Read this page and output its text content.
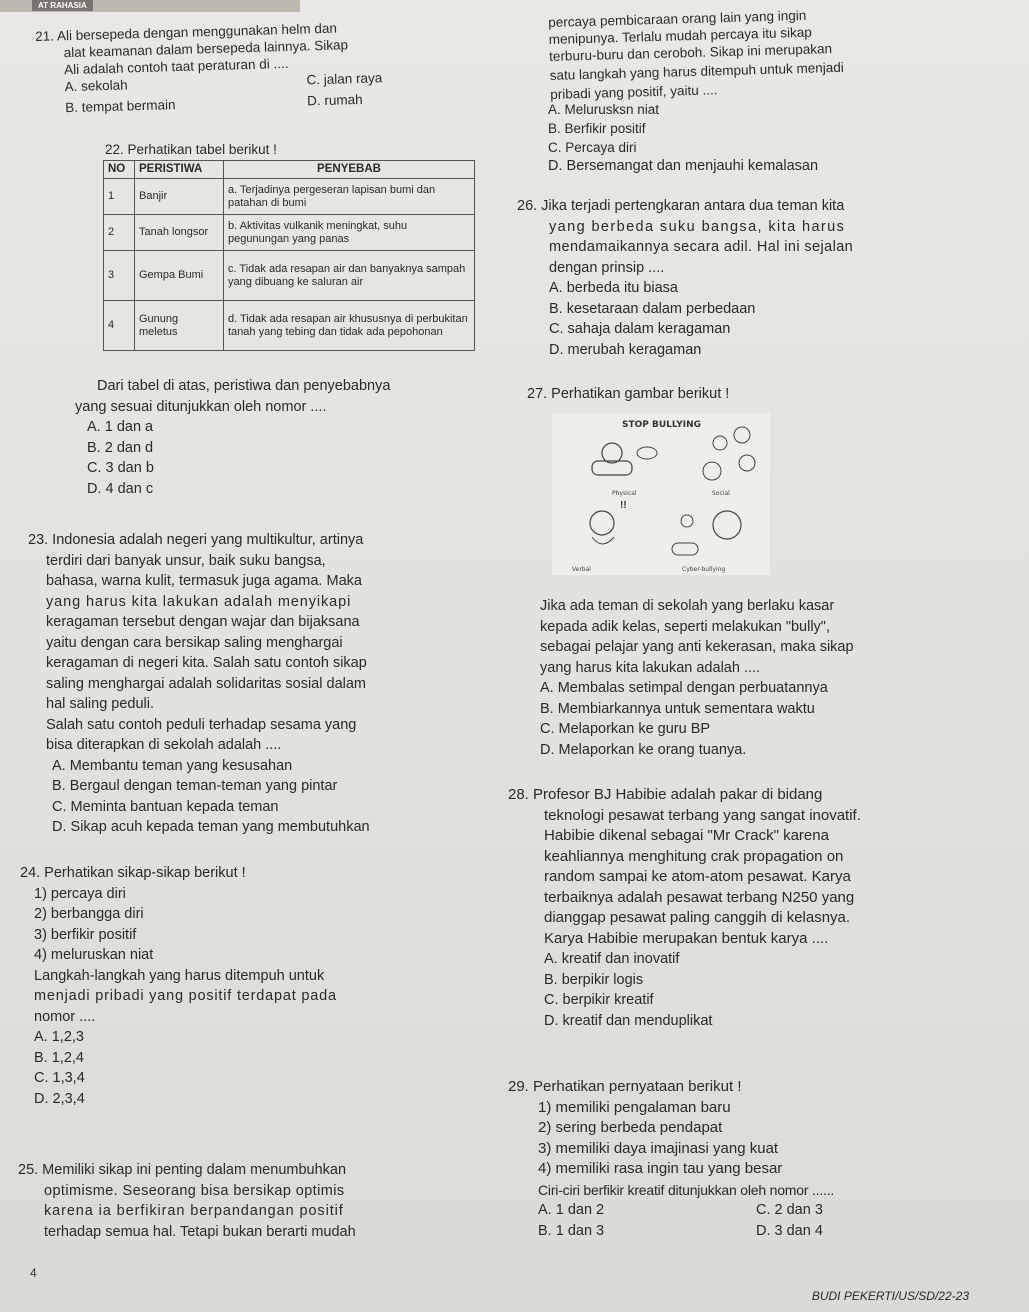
AT RAHASIA
21. Ali bersepeda dengan menggunakan helm dan
alat keamanan dalam bersepeda lainnya. Sikap
Ali adalah contoh taat peraturan di ....
A. sekolah	C. jalan raya
B. tempat bermain	D. rumah
22. Perhatikan tabel berikut !
NO	PERISTIWA	PENYEBAB
1	Banjir	a. Terjadinya pergeseran lapisan bumi dan patahan di bumi
2	Tanah longsor	b. Aktivitas vulkanik meningkat, suhu pegunungan yang panas
3	Gempa Bumi	c. Tidak ada resapan air dan banyaknya sampah yang dibuang ke saluran air
4	Gunung meletus	d. Tidak ada resapan air khususnya di perbukitan tanah yang tebing dan tidak ada pepohonan
Dari tabel di atas, peristiwa dan penyebabnya
yang sesuai ditunjukkan oleh nomor ....
A. 1 dan a
B. 2 dan d
C. 3 dan b
D. 4 dan c
23. Indonesia adalah negeri yang multikultur, artinya
terdiri dari banyak unsur, baik suku bangsa,
bahasa, warna kulit, termasuk juga agama. Maka
yang harus kita lakukan adalah menyikapi
keragaman tersebut dengan wajar dan bijaksana
yaitu dengan cara bersikap saling menghargai
keragaman di negeri kita. Salah satu contoh sikap
saling menghargai adalah solidaritas sosial dalam
hal saling peduli.
Salah satu contoh peduli terhadap sesama yang
bisa diterapkan di sekolah adalah ....
A. Membantu teman yang kesusahan
B. Bergaul dengan teman-teman yang pintar
C. Meminta bantuan kepada teman
D. Sikap acuh kepada teman yang membutuhkan
24. Perhatikan sikap-sikap berikut !
1) percaya diri
2) berbangga diri
3) berfikir positif
4) meluruskan niat
Langkah-langkah yang harus ditempuh untuk
menjadi pribadi yang positif terdapat pada
nomor ....
A. 1,2,3
B. 1,2,4
C. 1,3,4
D. 2,3,4
25. Memiliki sikap ini penting dalam menumbuhkan
optimisme. Seseorang bisa bersikap optimis
karena ia berfikiran berpandangan positif
terhadap semua hal. Tetapi bukan berarti mudah
4
percaya pembicaraan orang lain yang ingin
menipunya. Terlalu mudah percaya itu sikap
terburu-buru dan ceroboh. Sikap ini merupakan
satu langkah yang harus ditempuh untuk menjadi
pribadi yang positif, yaitu ....
A. Melurusksn niat
B. Berfikir positif
C. Percaya diri
D. Bersemangat dan menjauhi kemalasan
26. Jika terjadi pertengkaran antara dua teman kita
yang berbeda suku bangsa, kita harus
mendamaikannya secara adil. Hal ini sejalan
dengan prinsip ....
A. berbeda itu biasa
B. kesetaraan dalam perbedaan
C. sahaja dalam keragaman
D. merubah keragaman
27. Perhatikan gambar berikut !
STOP BULLYING
Physical	Social
!!
Verbal	Cyber-bullying
Jika ada teman di sekolah yang berlaku kasar
kepada adik kelas, seperti melakukan "bully",
sebagai pelajar yang anti kekerasan, maka sikap
yang harus kita lakukan adalah ....
A. Membalas setimpal dengan perbuatannya
B. Membiarkannya untuk sementara waktu
C. Melaporkan ke guru BP
D. Melaporkan ke orang tuanya.
28. Profesor BJ Habibie adalah pakar di bidang
teknologi pesawat terbang yang sangat inovatif.
Habibie dikenal sebagai "Mr Crack" karena
keahliannya menghitung crak propagation on
random sampai ke atom-atom pesawat. Karya
terbaiknya adalah pesawat terbang N250 yang
dianggap pesawat paling canggih di kelasnya.
Karya Habibie merupakan bentuk karya ....
A. kreatif dan inovatif
B. berpikir logis
C. berpikir kreatif
D. kreatif dan menduplikat
29. Perhatikan pernyataan berikut !
1) memiliki pengalaman baru
2) sering berbeda pendapat
3) memiliki daya imajinasi yang kuat
4) memiliki rasa ingin tau yang besar
Ciri-ciri berfikir kreatif ditunjukkan oleh nomor ......
A. 1 dan 2	C. 2 dan 3
B. 1 dan 3	D. 3 dan 4
BUDI PEKERTI/US/SD/22-23
